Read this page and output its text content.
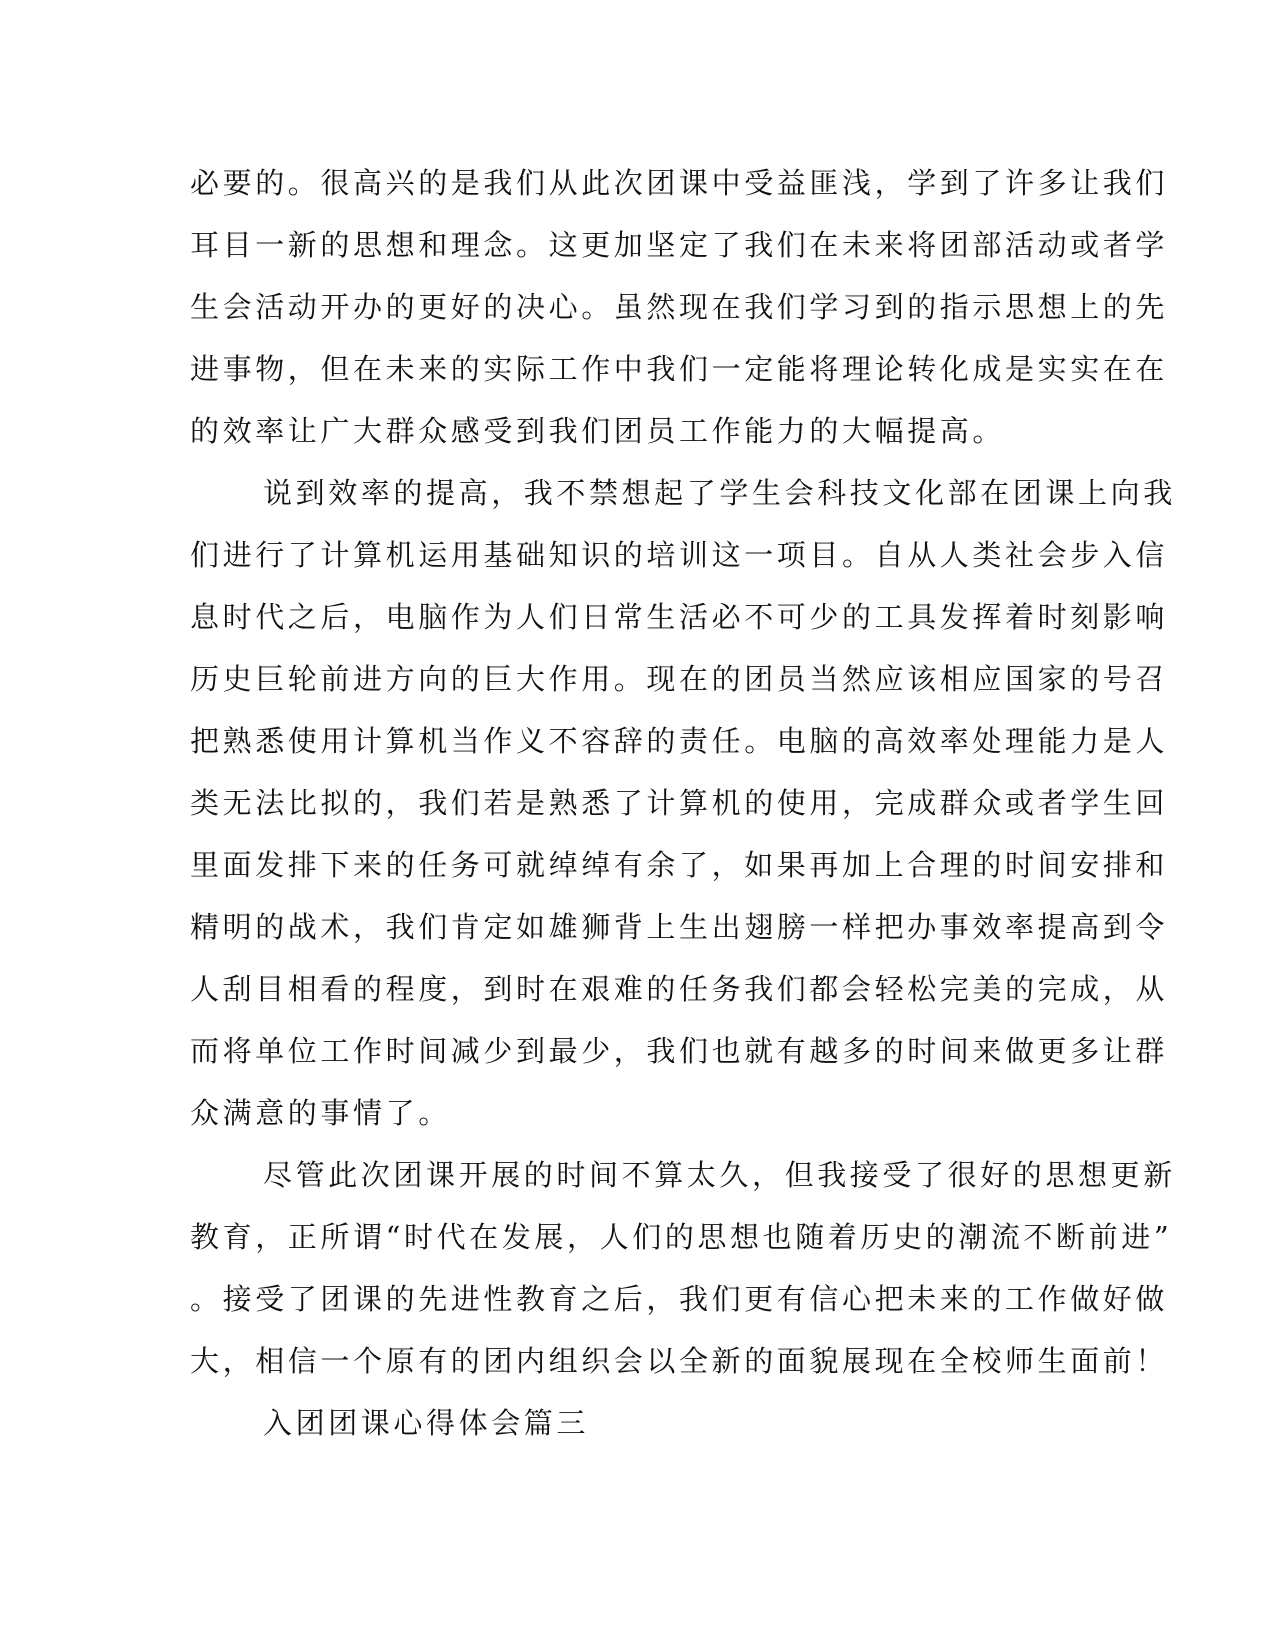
必要的。很高兴的是我们从此次团课中受益匪浅，学到了许多让我们

耳目一新的思想和理念。这更加坚定了我们在未来将团部活动或者学

生会活动开办的更好的决心。虽然现在我们学习到的指示思想上的先

进事物，但在未来的实际工作中我们一定能将理论转化成是实实在在

的效率让广大群众感受到我们团员工作能力的大幅提高。

说到效率的提高，我不禁想起了学生会科技文化部在团课上向我

们进行了计算机运用基础知识的培训这一项目。自从人类社会步入信

息时代之后，电脑作为人们日常生活必不可少的工具发挥着时刻影响

历史巨轮前进方向的巨大作用。现在的团员当然应该相应国家的号召

把熟悉使用计算机当作义不容辞的责任。电脑的高效率处理能力是人

类无法比拟的，我们若是熟悉了计算机的使用，完成群众或者学生回

里面发排下来的任务可就绰绰有余了，如果再加上合理的时间安排和

精明的战术，我们肯定如雄狮背上生出翅膀一样把办事效率提高到令

人刮目相看的程度，到时在艰难的任务我们都会轻松完美的完成，从

而将单位工作时间减少到最少，我们也就有越多的时间来做更多让群

众满意的事情了。

尽管此次团课开展的时间不算太久，但我接受了很好的思想更新

教育，正所谓“时代在发展，人们的思想也随着历史的潮流不断前进”

。接受了团课的先进性教育之后，我们更有信心把未来的工作做好做

大，相信一个原有的团内组织会以全新的面貌展现在全校师生面前！

入团团课心得体会篇三
